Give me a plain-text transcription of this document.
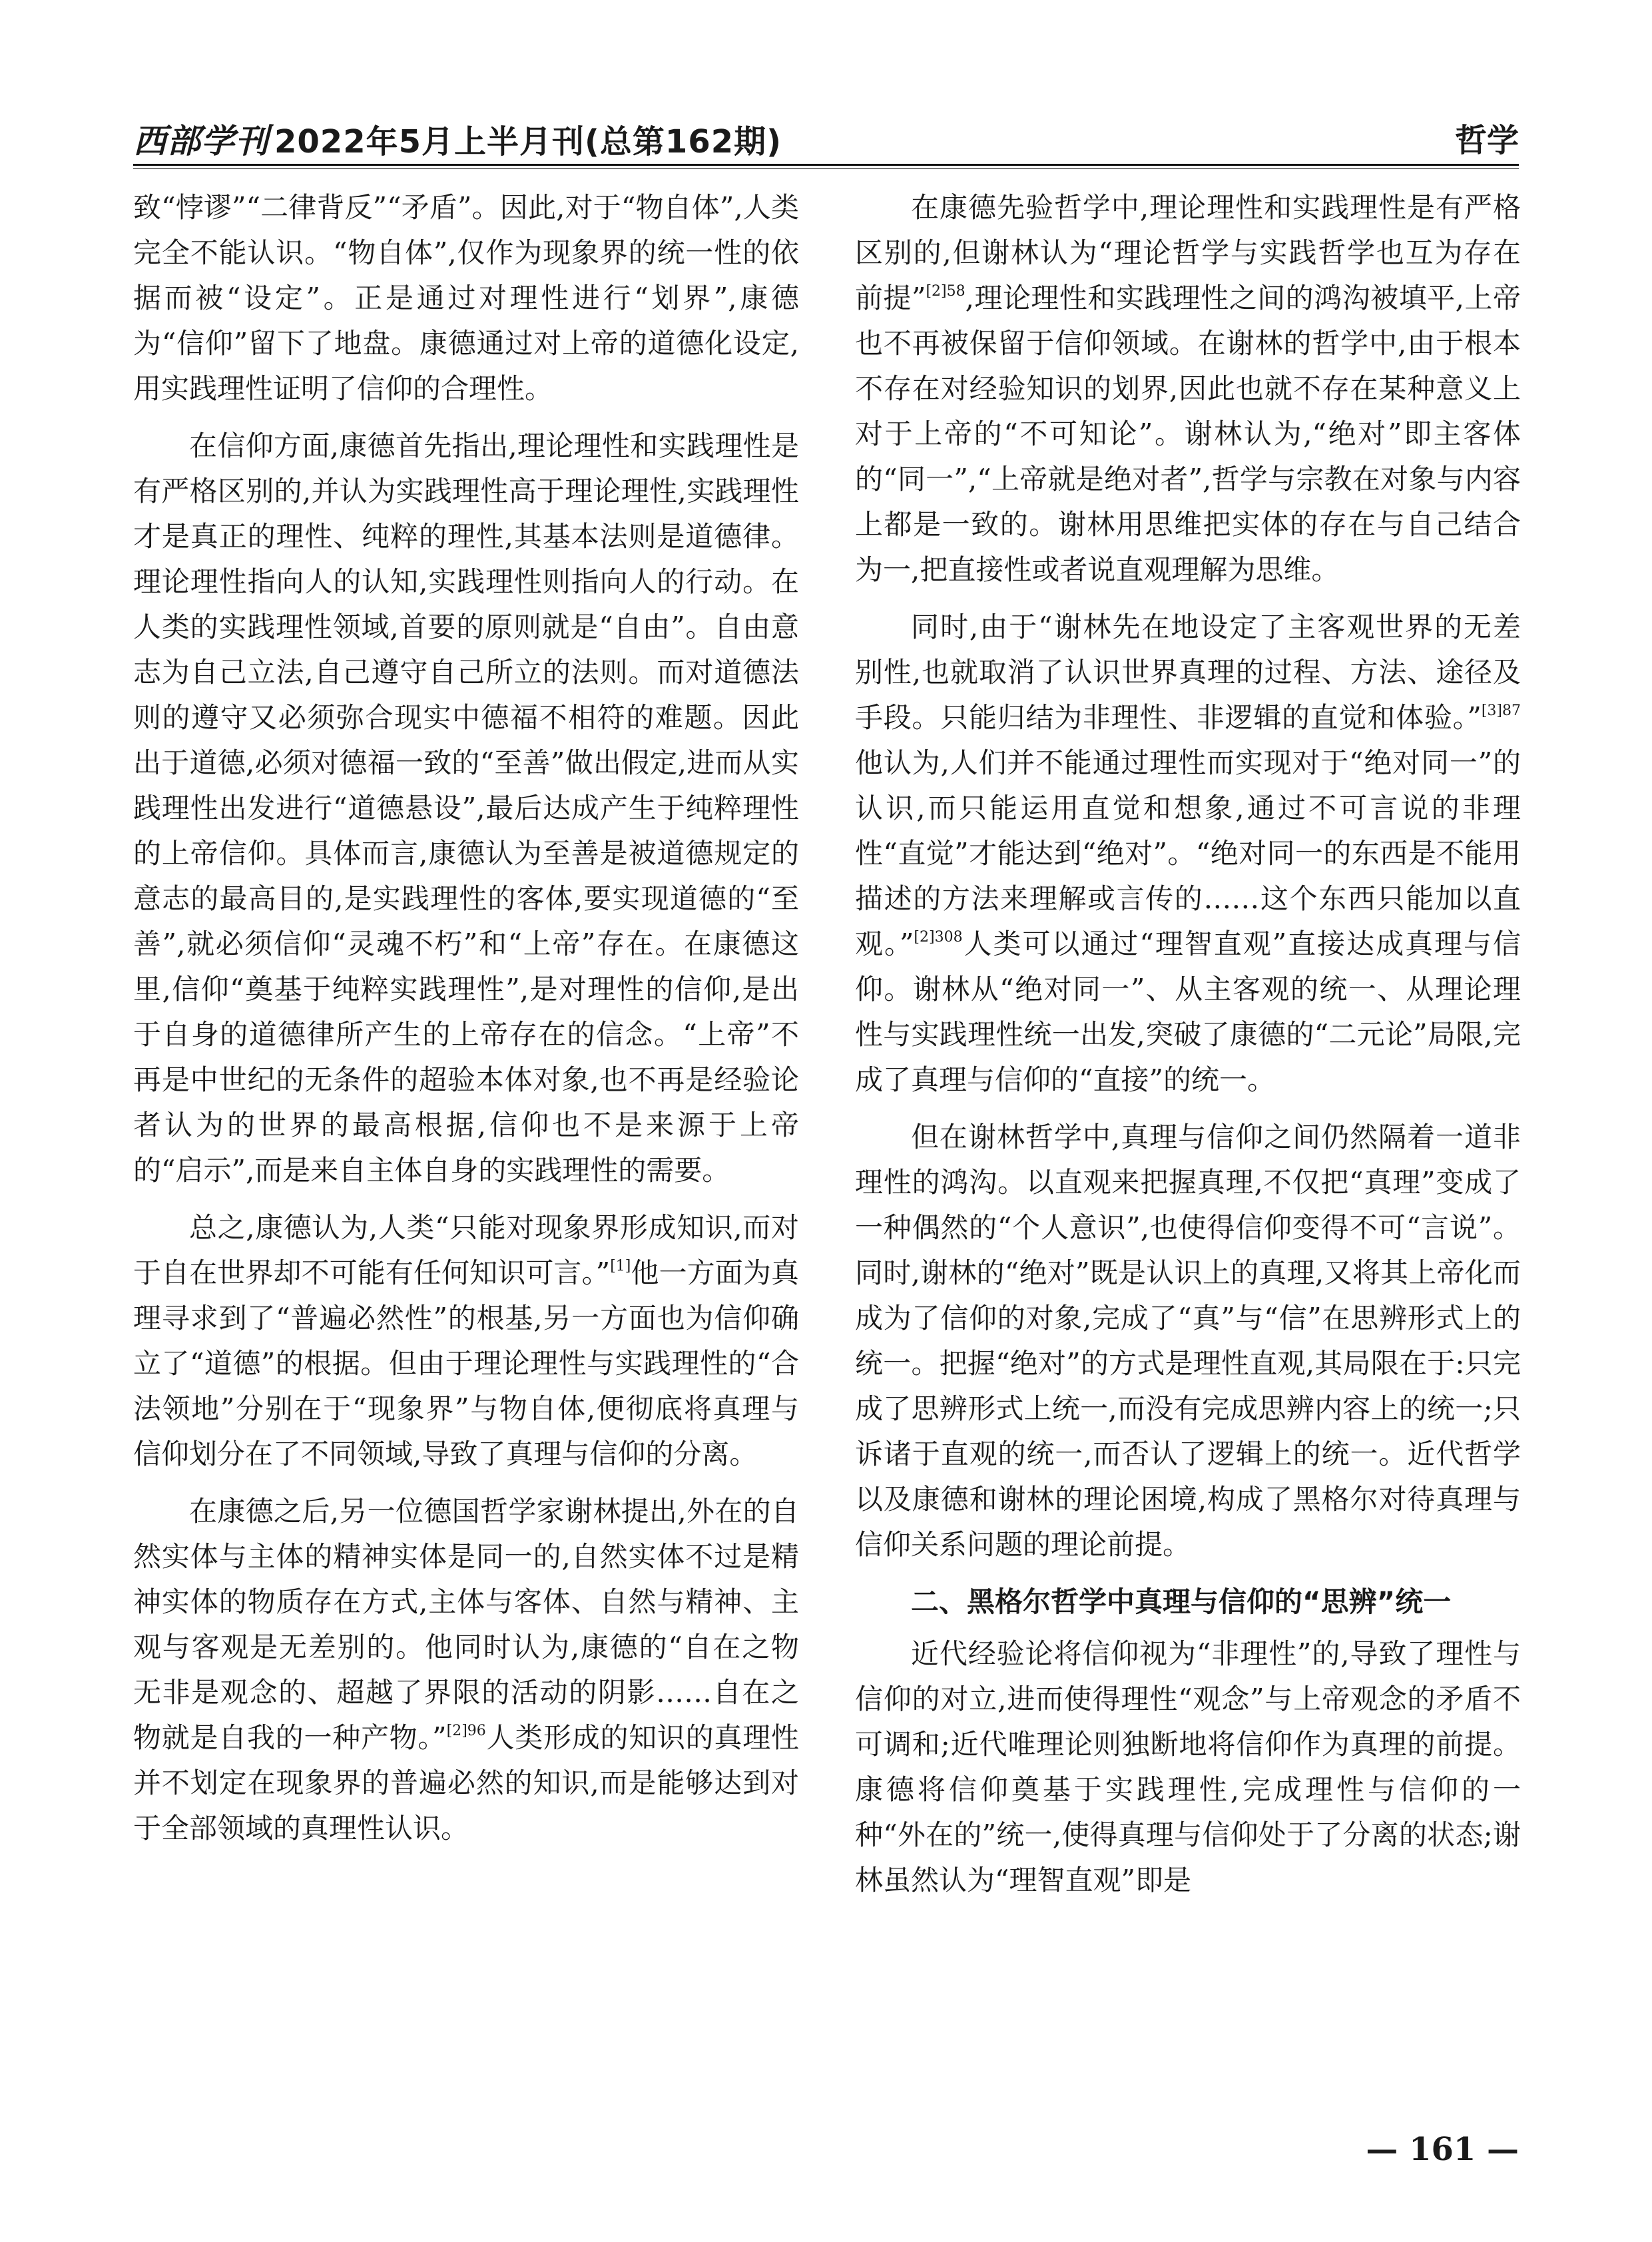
西部学刊 2022年5月上半月刊(总第162期)	哲学

致“悖谬”“二律背反”“矛盾”。因此,对于“物自体”,人类完全不能认识。“物自体”,仅作为现象界的统一性的依据而被“设定”。正是通过对理性进行“划界”,康德为“信仰”留下了地盘。康德通过对上帝的道德化设定,用实践理性证明了信仰的合理性。

在信仰方面,康德首先指出,理论理性和实践理性是有严格区别的,并认为实践理性高于理论理性,实践理性才是真正的理性、纯粹的理性,其基本法则是道德律。理论理性指向人的认知,实践理性则指向人的行动。在人类的实践理性领域,首要的原则就是“自由”。自由意志为自己立法,自己遵守自己所立的法则。而对道德法则的遵守又必须弥合现实中德福不相符的难题。因此出于道德,必须对德福一致的“至善”做出假定,进而从实践理性出发进行“道德悬设”,最后达成产生于纯粹理性的上帝信仰。具体而言,康德认为至善是被道德规定的意志的最高目的,是实践理性的客体,要实现道德的“至善”,就必须信仰“灵魂不朽”和“上帝”存在。在康德这里,信仰“奠基于纯粹实践理性”,是对理性的信仰,是出于自身的道德律所产生的上帝存在的信念。“上帝”不再是中世纪的无条件的超验本体对象,也不再是经验论者认为的世界的最高根据,信仰也不是来源于上帝的“启示”,而是来自主体自身的实践理性的需要。

总之,康德认为,人类“只能对现象界形成知识,而对于自在世界却不可能有任何知识可言。”[1]他一方面为真理寻求到了“普遍必然性”的根基,另一方面也为信仰确立了“道德”的根据。但由于理论理性与实践理性的“合法领地”分别在于“现象界”与物自体,便彻底将真理与信仰划分在了不同领域,导致了真理与信仰的分离。

在康德之后,另一位德国哲学家谢林提出,外在的自然实体与主体的精神实体是同一的,自然实体不过是精神实体的物质存在方式,主体与客体、自然与精神、主观与客观是无差别的。他同时认为,康德的“自在之物无非是观念的、超越了界限的活动的阴影……自在之物就是自我的一种产物。”$^{[2]96}$人类形成的知识的真理性并不划定在现象界的普遍必然的知识,而是能够达到对于全部领域的真理性认识。

在康德先验哲学中,理论理性和实践理性是有严格区别的,但谢林认为“理论哲学与实践哲学也互为存在前提”$^{[2]58}$,理论理性和实践理性之间的鸿沟被填平,上帝也不再被保留于信仰领域。在谢林的哲学中,由于根本不存在对经验知识的划界,因此也就不存在某种意义上对于上帝的“不可知论”。谢林认为,“绝对”即主客体的“同一”,“上帝就是绝对者”,哲学与宗教在对象与内容上都是一致的。谢林用思维把实体的存在与自己结合为一,把直接性或者说直观理解为思维。

同时,由于“谢林先在地设定了主客观世界的无差别性,也就取消了认识世界真理的过程、方法、途径及手段。只能归结为非理性、非逻辑的直觉和体验。”$^{[3]87}$他认为,人们并不能通过理性而实现对于“绝对同一”的认识,而只能运用直觉和想象,通过不可言说的非理性“直觉”才能达到“绝对”。“绝对同一的东西是不能用描述的方法来理解或言传的……这个东西只能加以直观。”$^{[2]308}$人类可以通过“理智直观”直接达成真理与信仰。谢林从“绝对同一”、从主客观的统一、从理论理性与实践理性统一出发,突破了康德的“二元论”局限,完成了真理与信仰的“直接”的统一。

但在谢林哲学中,真理与信仰之间仍然隔着一道非理性的鸿沟。以直观来把握真理,不仅把“真理”变成了一种偶然的“个人意识”,也使得信仰变得不可“言说”。同时,谢林的“绝对”既是认识上的真理,又将其上帝化而成为了信仰的对象,完成了“真”与“信”在思辨形式上的统一。把握“绝对”的方式是理性直观,其局限在于:只完成了思辨形式上统一,而没有完成思辨内容上的统一;只诉诸于直观的统一,而否认了逻辑上的统一。近代哲学以及康德和谢林的理论困境,构成了黑格尔对待真理与信仰关系问题的理论前提。

二、黑格尔哲学中真理与信仰的“思辨”统一

近代经验论将信仰视为“非理性”的,导致了理性与信仰的对立,进而使得理性“观念”与上帝观念的矛盾不可调和;近代唯理论则独断地将信仰作为真理的前提。康德将信仰奠基于实践理性,完成理性与信仰的一种“外在的”统一,使得真理与信仰处于了分离的状态;谢林虽然认为“理智直观”即是

— 161 —
